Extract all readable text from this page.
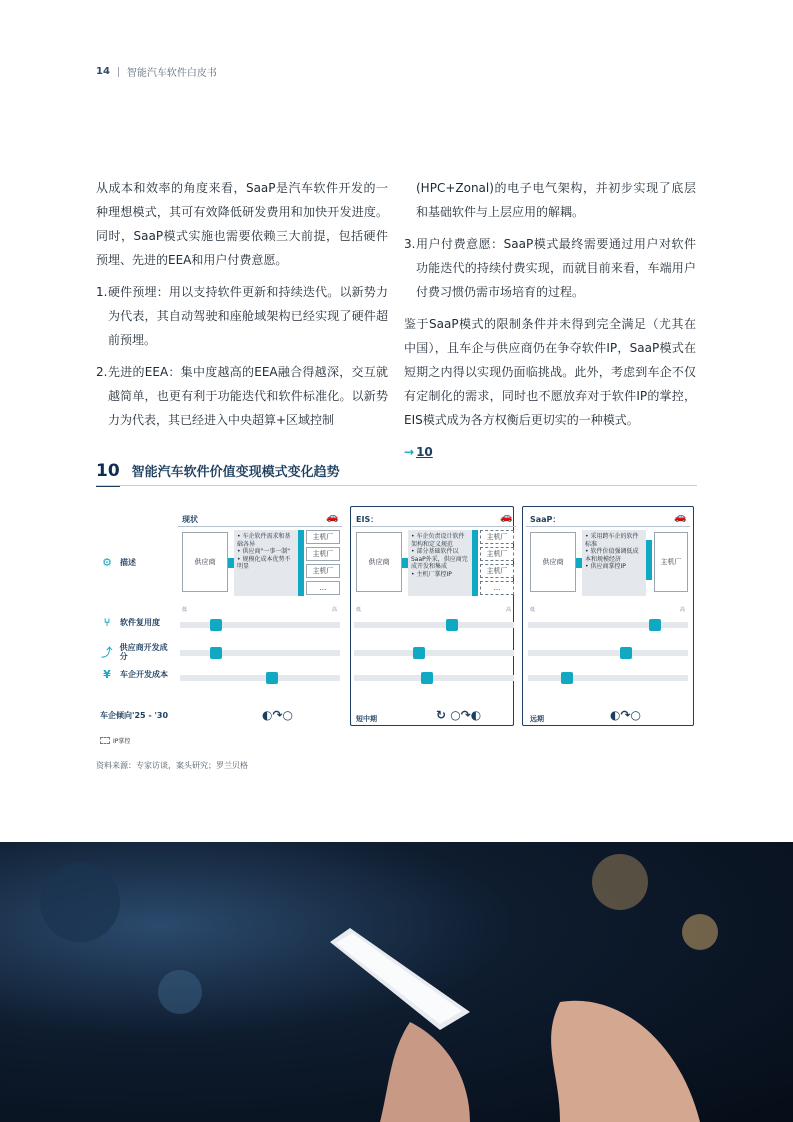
14 智能汽车软件白皮书

从成本和效率的角度来看，SaaP是汽车软件开发的一种理想模式，其可有效降低研发费用和加快开发进度。同时，SaaP模式实施也需要依赖三大前提，包括硬件预埋、先进的EEA和用户付费意愿。

1. 硬件预埋：用以支持软件更新和持续迭代。以新势力为代表，其自动驾驶和座舱域架构已经实现了硬件超前预埋。

2. 先进的EEA：集中度越高的EEA融合得越深，交互就越简单，也更有利于功能迭代和软件标准化。以新势力为代表，其已经进入中央超算+区域控制

(HPC+Zonal)的电子电气架构，并初步实现了底层和基础软件与上层应用的解耦。

3. 用户付费意愿：SaaP模式最终需要通过用户对软件功能迭代的持续付费实现，而就目前来看，车端用户付费习惯仍需市场培育的过程。

鉴于SaaP模式的限制条件并未得到完全满足（尤其在中国），且车企与供应商仍在争夺软件IP，SaaP模式在短期之内得以实现仍面临挑战。此外，考虑到车企不仅有定制化的需求，同时也不愿放弃对于软件IP的掌控，EIS模式成为各方权衡后更切实的一种模式。

→ 10
10 智能汽车软件价值变现模式变化趋势
⚙ 描述
⑂	软件复用度
⤴ 供应商开发成分
¥	车企开发成本
车企倾向'25 - '30
IP掌控
现状	🚗
供应商
• 车企软件需求和基础各异
• 供应商"一事一制"
• 规模化成本优势不明显
主机厂
主机厂
主机厂
...
低	高
◐↷○
EIS：	🚗
供应商
• 车企负责设计软件架构和定义规范
• 部分基础软件以SaaP外采，供应商完成开发和集成
• 主机厂掌控IP
主机厂
主机厂
主机厂
...
低	高
短中期	↻ ○↷◐
SaaP：	🚗
供应商
• 采用跨车企的软件标准
• 软件价值强调低成本和规模经济
• 供应商掌控IP
主机厂
低	高
远期	◐↷○
资料来源：专家访谈，案头研究；罗兰贝格
